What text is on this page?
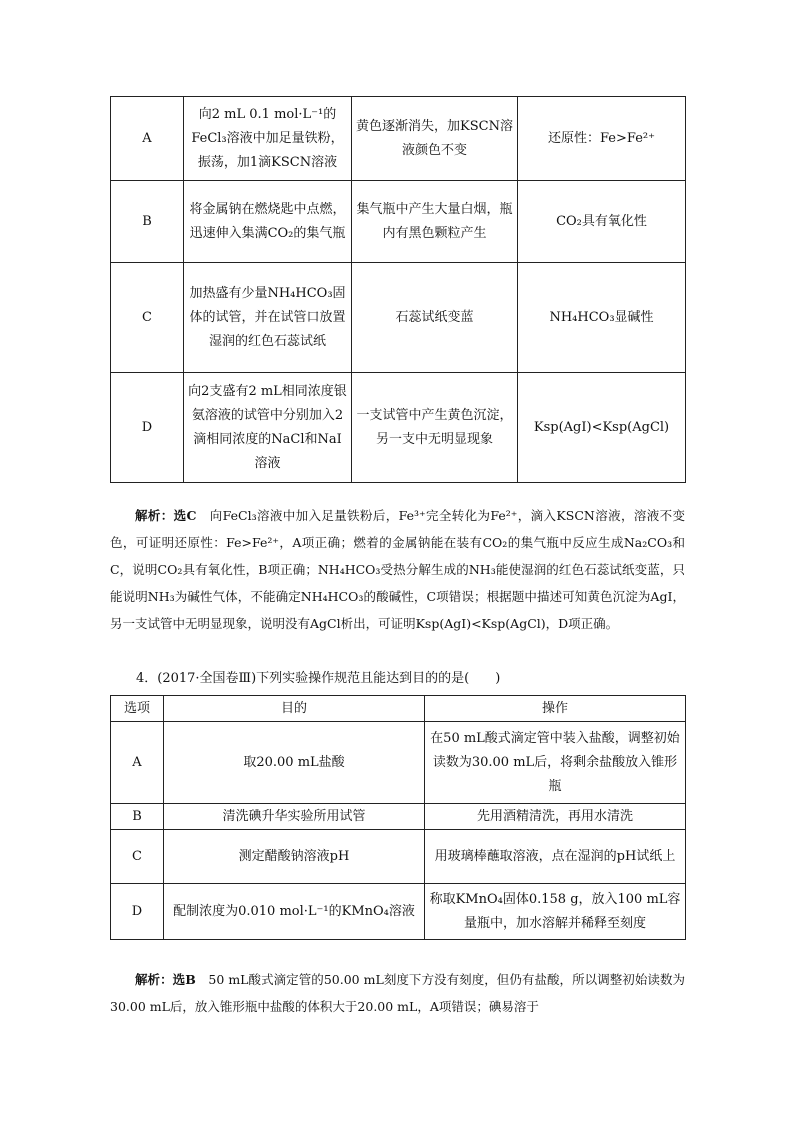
A	向2 mL 0.1 mol·L⁻¹的FeCl₃溶液中加足量铁粉，振荡，加1滴KSCN溶液	黄色逐渐消失，加KSCN溶液颜色不变	还原性：Fe>Fe²⁺
B	将金属钠在燃烧匙中点燃，迅速伸入集满CO₂的集气瓶	集气瓶中产生大量白烟，瓶内有黑色颗粒产生	CO₂具有氧化性
C	加热盛有少量NH₄HCO₃固体的试管，并在试管口放置湿润的红色石蕊试纸	石蕊试纸变蓝	NH₄HCO₃显碱性
D	向2支盛有2 mL相同浓度银氨溶液的试管中分别加入2滴相同浓度的NaCl和NaI溶液	一支试管中产生黄色沉淀，另一支中无明显现象	Ksp(AgI)<Ksp(AgCl)
解析：选C　 向FeCl₃溶液中加入足量铁粉后，Fe³⁺完全转化为Fe²⁺，滴入KSCN溶液，溶液不变色，可证明还原性：Fe>Fe²⁺，A项正确；燃着的金属钠能在装有CO₂的集气瓶中反应生成Na₂CO₃和C，说明CO₂具有氧化性，B项正确；NH₄HCO₃受热分解生成的NH₃能使湿润的红色石蕊试纸变蓝，只能说明NH₃为碱性气体，不能确定NH₄HCO₃的酸碱性，C项错误；根据题中描述可知黄色沉淀为AgI，另一支试管中无明显现象，说明没有AgCl析出，可证明Ksp(AgI)<Ksp(AgCl)，D项正确。
4．(2017·全国卷Ⅲ)下列实验操作规范且能达到目的的是(　　)
选项	目的	操作
A	取20.00 mL盐酸	在50 mL酸式滴定管中装入盐酸，调整初始读数为30.00 mL后，将剩余盐酸放入锥形瓶
B	清洗碘升华实验所用试管	先用酒精清洗，再用水清洗
C	测定醋酸钠溶液pH	用玻璃棒蘸取溶液，点在湿润的pH试纸上
D	配制浓度为0.010 mol·L⁻¹的KMnO₄溶液	称取KMnO₄固体0.158 g，放入100 mL容量瓶中，加水溶解并稀释至刻度
解析：选B　 50 mL酸式滴定管的50.00 mL刻度下方没有刻度，但仍有盐酸，所以调整初始读数为30.00 mL后，放入锥形瓶中盐酸的体积大于20.00 mL，A项错误；碘易溶于
